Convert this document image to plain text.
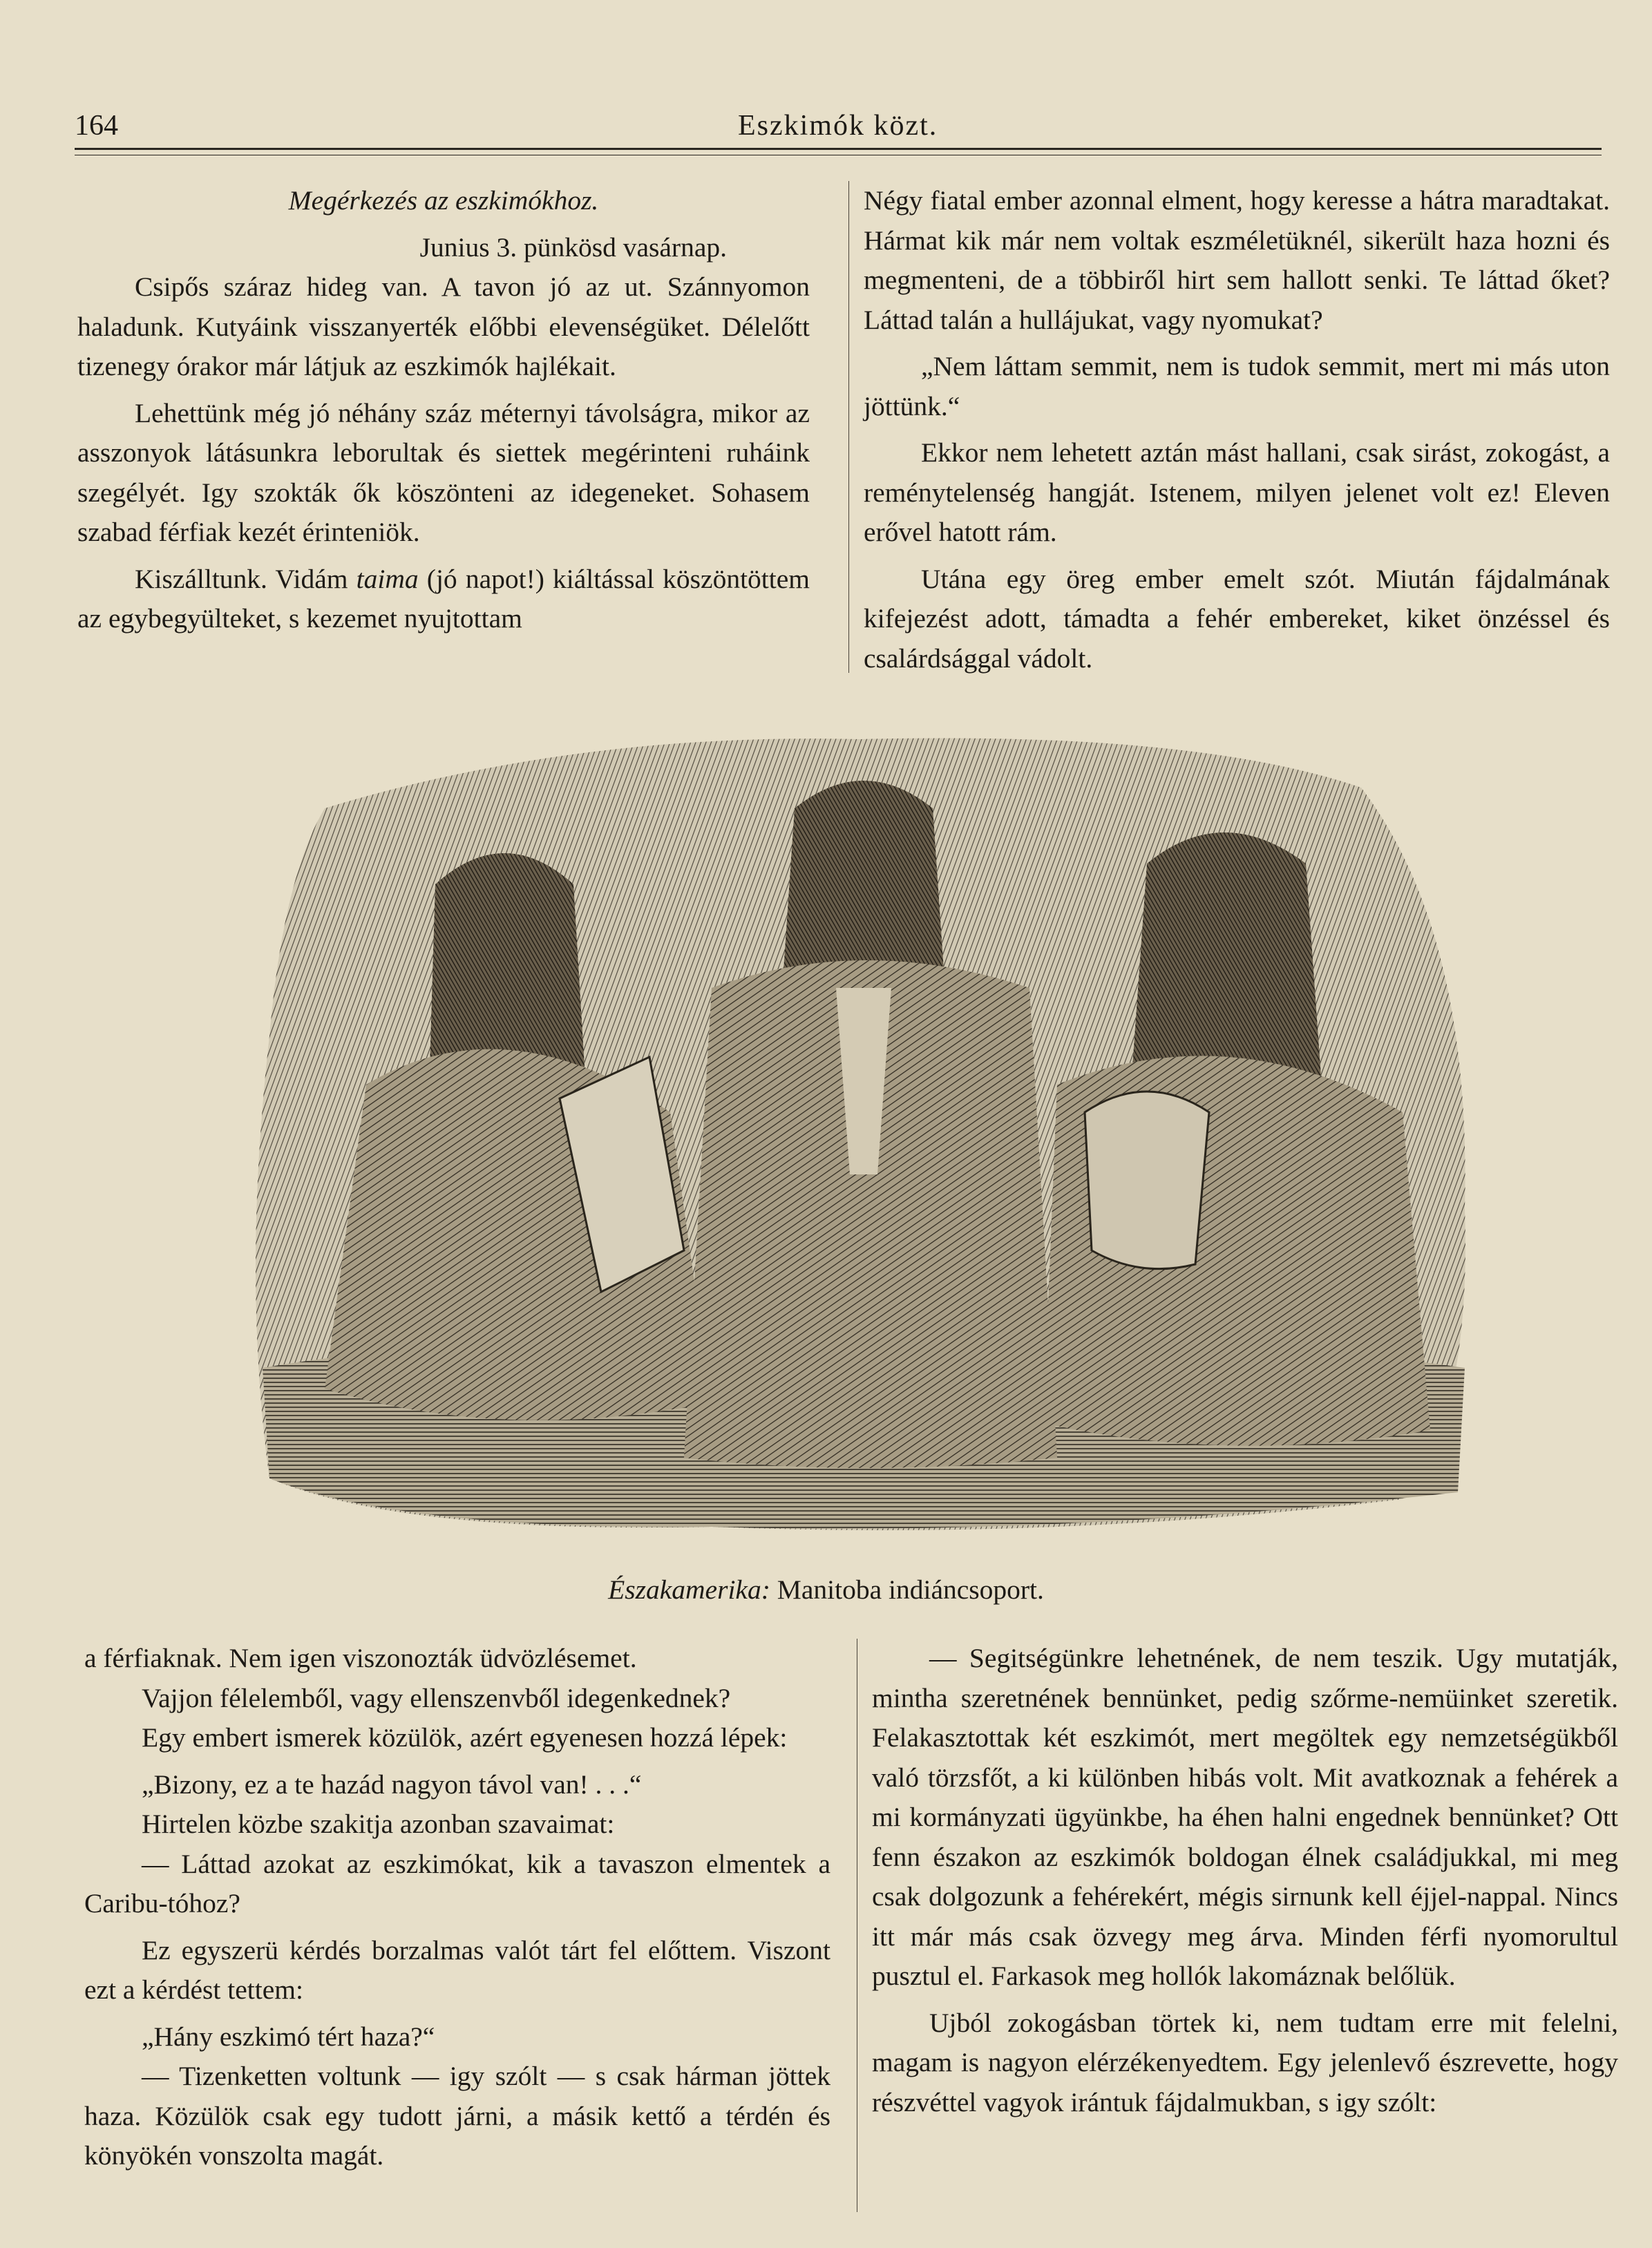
164	Eszkimók közt.

Megérkezés az eszkimókhoz.

Junius 3. pünkösd vasárnap.

Csipős száraz hideg van. A tavon jó az ut. Szánnyomon haladunk. Kutyáink visszanyerték előbbi elevenségüket. Délelőtt tizenegy órakor már látjuk az eszkimók hajlékait.

Lehettünk még jó néhány száz méternyi távolságra, mikor az asszonyok látásunkra leborultak és siettek megérinteni ruháink szegélyét. Igy szokták ők köszönteni az idegeneket. Sohasem szabad férfiak kezét érinteniök.

Kiszálltunk. Vidám taima (jó napot!) kiáltással köszöntöttem az egybegyülteket, s kezemet nyujtottam

Négy fiatal ember azonnal elment, hogy keresse a hátra maradtakat. Hármat kik már nem voltak eszméletüknél, sikerült haza hozni és megmenteni, de a többiről hirt sem hallott senki. Te láttad őket? Láttad talán a hullájukat, vagy nyomukat?

„Nem láttam semmit, nem is tudok semmit, mert mi más uton jöttünk.“

Ekkor nem lehetett aztán mást hallani, csak sirást, zokogást, a reménytelenség hangját. Istenem, milyen jelenet volt ez! Eleven erővel hatott rám.

Utána egy öreg ember emelt szót. Miután fájdalmának kifejezést adott, támadta a fehér embereket, kiket önzéssel és csalárdsággal vádolt.

Északamerika: Manitoba indiáncsoport.

a férfiaknak. Nem igen viszonozták üdvözlésemet.

Vajjon félelemből, vagy ellenszenvből idegenkednek?

Egy embert ismerek közülök, azért egyenesen hozzá lépek:

„Bizony, ez a te hazád nagyon távol van! . . .“

Hirtelen közbe szakitja azonban szavaimat:

— Láttad azokat az eszkimókat, kik a tavaszon elmentek a Caribu-tóhoz?

Ez egyszerü kérdés borzalmas valót tárt fel előttem. Viszont ezt a kérdést tettem:

„Hány eszkimó tért haza?“

— Tizenketten voltunk — igy szólt — s csak hárman jöttek haza. Közülök csak egy tudott járni, a másik kettő a térdén és könyökén vonszolta magát.

— Segitségünkre lehetnének, de nem teszik. Ugy mutatják, mintha szeretnének bennünket, pedig szőrme-nemüinket szeretik. Felakasztottak két eszkimót, mert megöltek egy nemzetségükből való törzsfőt, a ki különben hibás volt. Mit avatkoznak a fehérek a mi kormányzati ügyünkbe, ha éhen halni engednek bennünket? Ott fenn északon az eszkimók boldogan élnek családjukkal, mi meg csak dolgozunk a fehérekért, mégis sirnunk kell éjjel-nappal. Nincs itt már más csak özvegy meg árva. Minden férfi nyomorultul pusztul el. Farkasok meg hollók lakomáznak belőlük.

Ujból zokogásban törtek ki, nem tudtam erre mit felelni, magam is nagyon elérzékenyedtem. Egy jelenlevő észrevette, hogy részvéttel vagyok irántuk fájdalmukban, s igy szólt:
